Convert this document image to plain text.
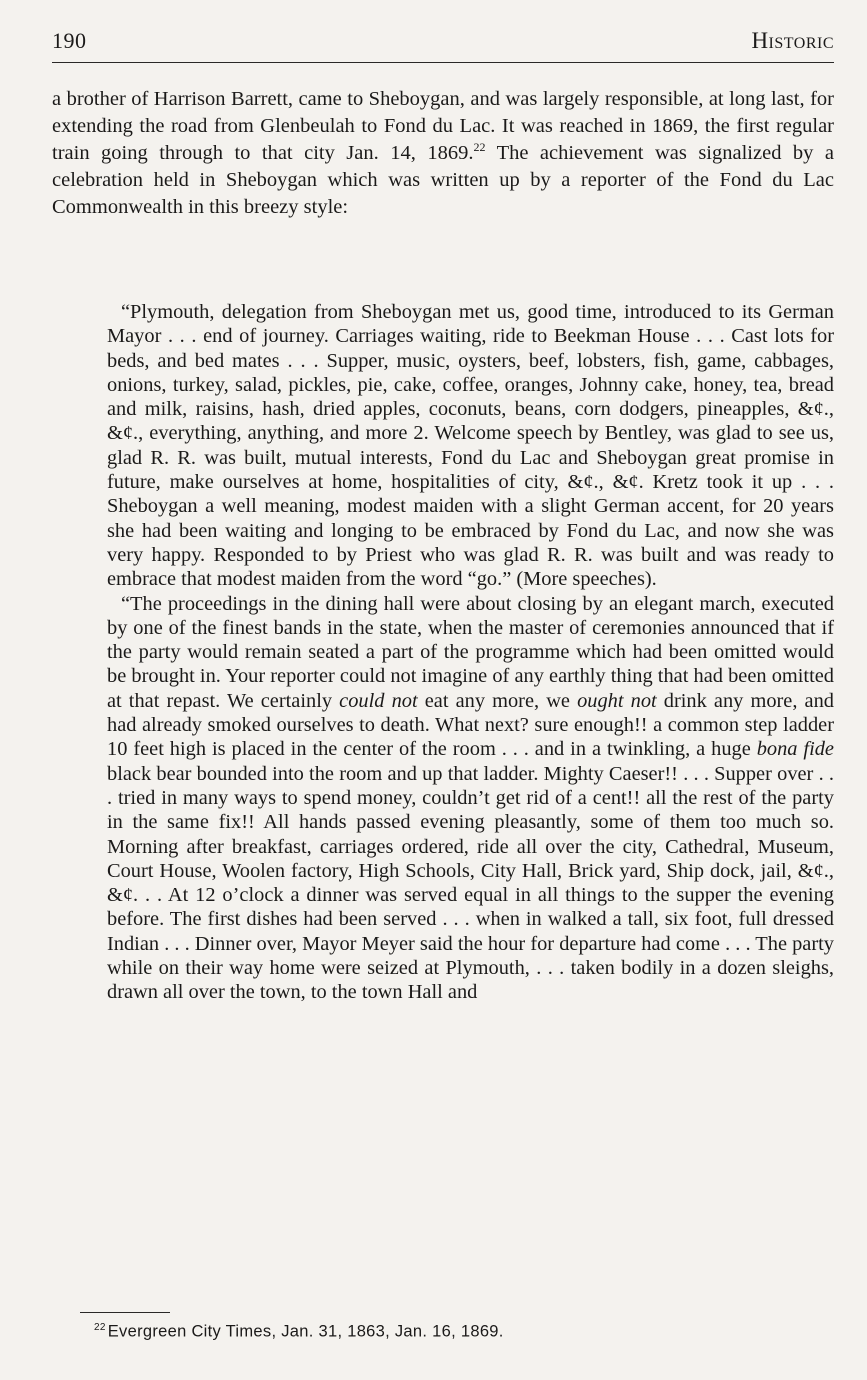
190	Historic

a brother of Harrison Barrett, came to Sheboygan, and was largely responsible, at long last, for extending the road from Glenbeulah to Fond du Lac. It was reached in 1869, the first regular train going through to that city Jan. 14, 1869.22 The achievement was signalized by a celebration held in Sheboygan which was written up by a reporter of the Fond du Lac Commonwealth in this breezy style:

“Plymouth, delegation from Sheboygan met us, good time, introduced to its German Mayor . . . end of journey. Carriages waiting, ride to Beekman House . . . Cast lots for beds, and bed mates . . . Supper, music, oysters, beef, lobsters, fish, game, cabbages, onions, turkey, salad, pickles, pie, cake, coffee, oranges, Johnny cake, honey, tea, bread and milk, raisins, hash, dried apples, coconuts, beans, corn dodgers, pineapples, &¢., &¢., everything, anything, and more 2. Welcome speech by Bentley, was glad to see us, glad R. R. was built, mutual interests, Fond du Lac and Sheboygan great promise in future, make ourselves at home, hospitalities of city, &¢., &¢. Kretz took it up . . . Sheboygan a well meaning, modest maiden with a slight German accent, for 20 years she had been waiting and longing to be embraced by Fond du Lac, and now she was very happy. Responded to by Priest who was glad R. R. was built and was ready to embrace that modest maiden from the word “go.” (More speeches).

“The proceedings in the dining hall were about closing by an elegant march, executed by one of the finest bands in the state, when the master of ceremonies announced that if the party would remain seated a part of the programme which had been omitted would be brought in. Your reporter could not imagine of any earthly thing that had been omitted at that repast. We certainly could not eat any more, we ought not drink any more, and had already smoked ourselves to death. What next? sure enough!! a common step ladder 10 feet high is placed in the center of the room . . . and in a twinkling, a huge bona fide black bear bounded into the room and up that ladder. Mighty Caeser!! . . . Supper over . . . tried in many ways to spend money, couldn’t get rid of a cent!! all the rest of the party in the same fix!! All hands passed evening pleasantly, some of them too much so. Morning after breakfast, carriages ordered, ride all over the city, Cathedral, Museum, Court House, Woolen factory, High Schools, City Hall, Brick yard, Ship dock, jail, &¢., &¢. . . At 12 o’clock a dinner was served equal in all things to the supper the evening before. The first dishes had been served . . . when in walked a tall, six foot, full dressed Indian . . . Dinner over, Mayor Meyer said the hour for departure had come . . . The party while on their way home were seized at Plymouth, . . . taken bodily in a dozen sleighs, drawn all over the town, to the town Hall and

$^{22}$ Evergreen City Times, Jan. 31, 1863, Jan. 16, 1869.
